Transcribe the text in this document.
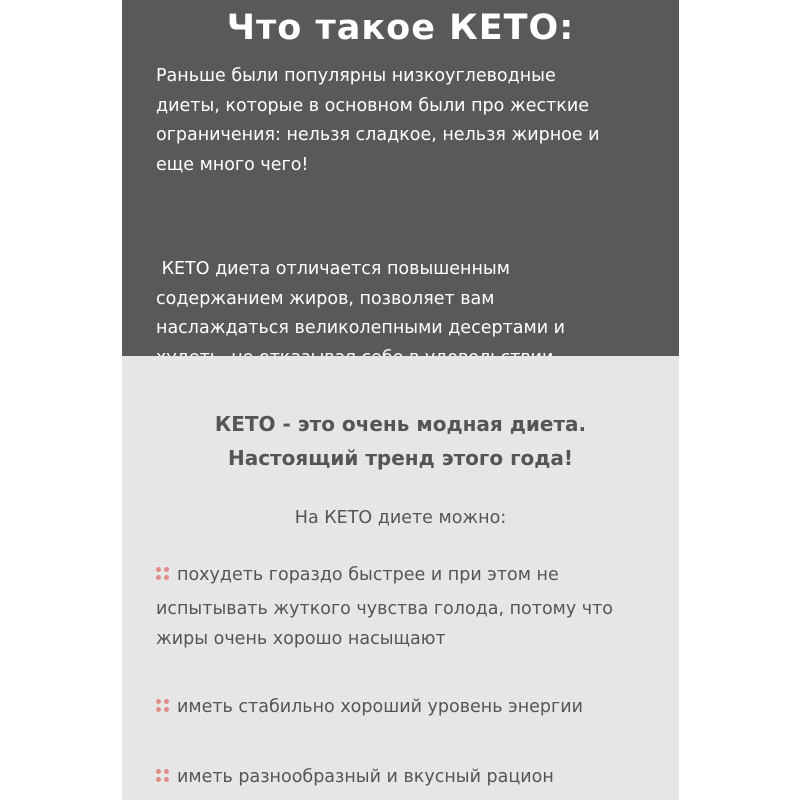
Что такое КЕТО:
Раньше были популярны низкоуглеводные
диеты, которые в основном были про жесткие
ограничения: нельзя сладкое, нельзя жирное и
еще много чего!

КЕТО диета отличается повышенным
содержанием жиров, позволяет вам
наслаждаться великолепными десертами и

КЕТО - это очень модная диета.
Настоящий тренд этого года!
На КЕТО диете можно:
похудеть гораздо быстрее и при этом не
испытывать жуткого чувства голода, потому что
жиры очень хорошо насыщают
иметь стабильно хороший уровень энергии
иметь разнообразный и вкусный рацион
